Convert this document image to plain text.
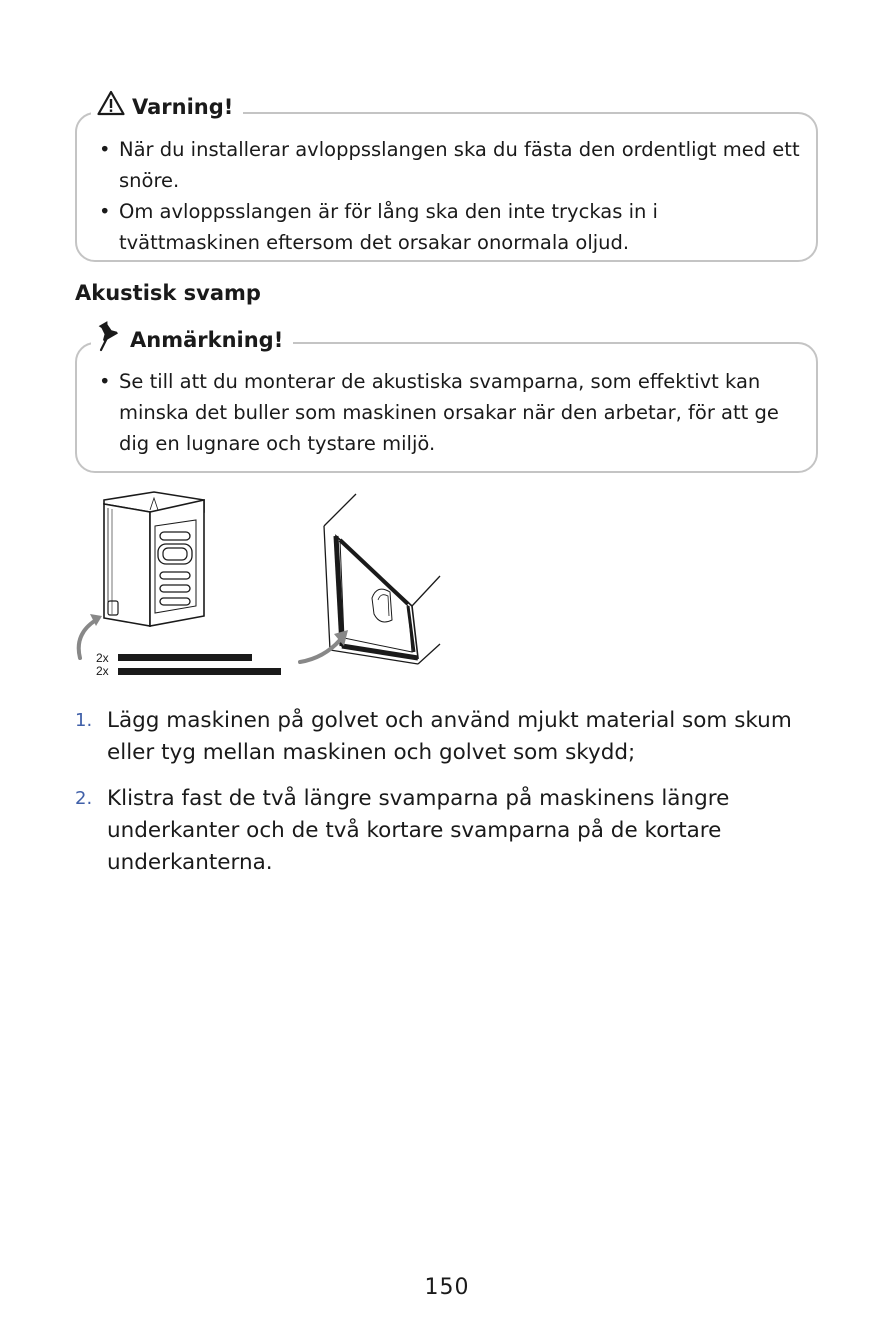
Varning!
• När du installerar avloppsslangen ska du fästa den ordentligt med ett snöre.
• Om avloppsslangen är för lång ska den inte tryckas in i tvättmaskinen eftersom det orsakar onormala oljud.
Akustisk svamp
Anmärkning!
• Se till att du monterar de akustiska svamparna, som effektivt kan minska det buller som maskinen orsakar när den arbetar, för att ge dig en lugnare och tystare miljö.
2x
2x
1. Lägg maskinen på golvet och använd mjukt material som skum eller tyg mellan maskinen och golvet som skydd;
2. Klistra fast de två längre svamparna på maskinens längre underkanter och de två kortare svamparna på de kortare underkanterna.
150
